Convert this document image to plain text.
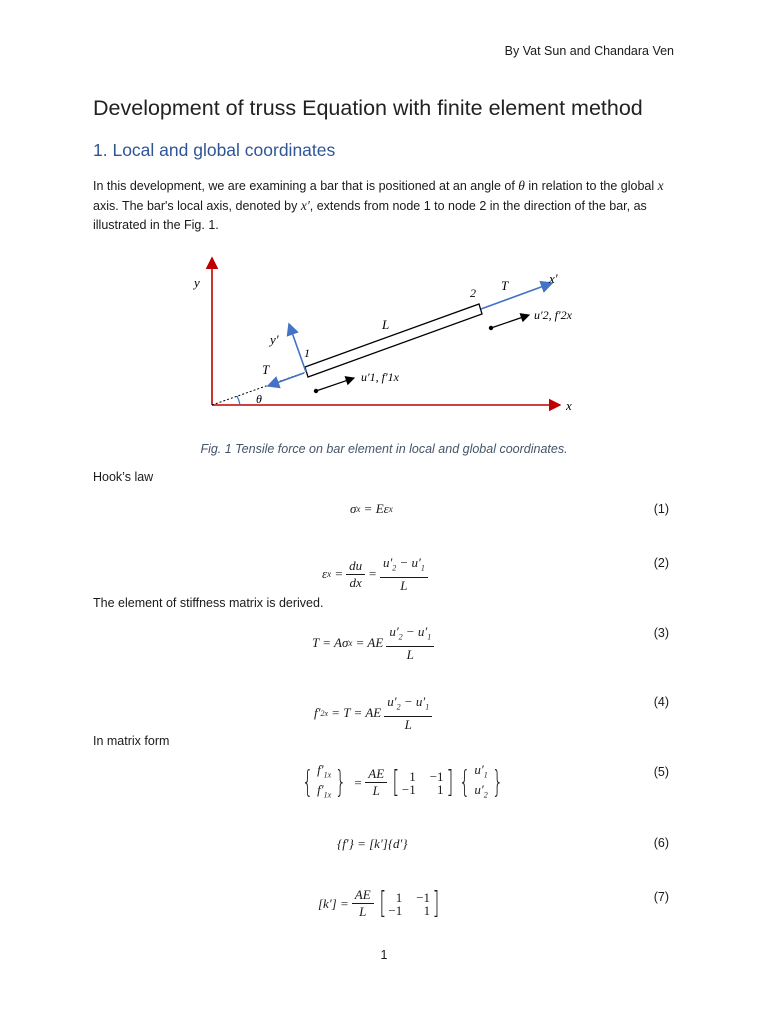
By Vat Sun and Chandara Ven
Development of truss Equation with finite element method
1. Local and global coordinates
In this development, we are examining a bar that is positioned at an angle of θ in relation to the global x axis. The bar's local axis, denoted by x′, extends from node 1 to node 2 in the direction of the bar, as illustrated in the Fig. 1.
y
x
x′
y′
1
2
L
T
T
θ
u′1, f′1x
u′2, f′2x
Fig. 1 Tensile force on bar element in local and global coordinates.
Hook’s law
σ x = Eε x	(1)
ε $x = \frac{du}{dx} = \frac{u'_2 - u'_1}{L}$	(2)
The element of stiffness matrix is derived.
T = Aσ x = AE $\frac{u'_2 - u'_1}{L}$	(3)
f′ 2x = T = AE $\frac{u'_2 - u'_1}{L}$	(4)
In matrix form
{ $f'_{1x}$
$f'_{1x}$ } = $\frac{AE}{L}$ [ 1 −1
−1	1 ] { $u'_1$
$u'_2$ }	(5)
{f′} = [k′]{d′}	(6)
$[k'] = \frac{AE}{L}$ [ 1 −1
−1	1 ]	(7)
1
